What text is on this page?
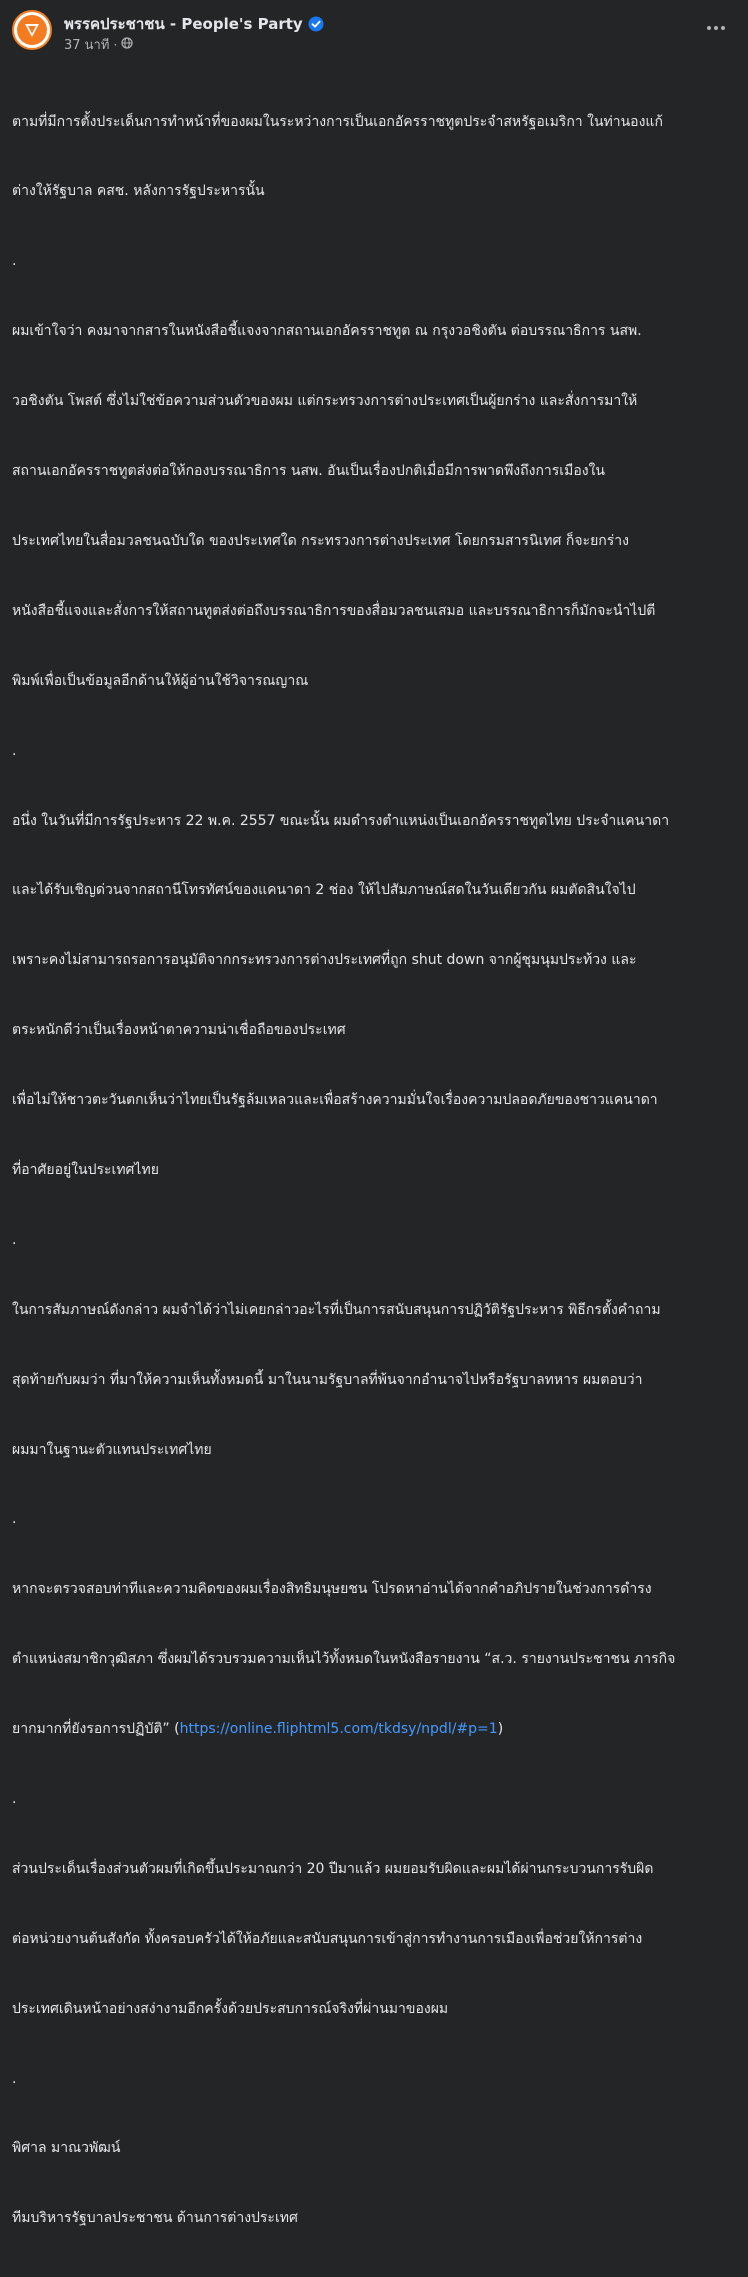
พรรคประชาชน - People's Party
37 นาที ·

ตามที่มีการตั้งประเด็นการทำหน้าที่ของผมในระหว่างการเป็นเอกอัครราชทูตประจำสหรัฐอเมริกา ในท่านองแก้

ต่างให้รัฐบาล คสช. หลังการรัฐประหารนั้น

.

ผมเข้าใจว่า คงมาจากสารในหนังสือชี้แจงจากสถานเอกอัครราชทูต ณ กรุงวอชิงตัน ต่อบรรณาธิการ นสพ.

วอชิงตัน โพสต์ ซึ่งไม่ใช่ข้อความส่วนตัวของผม แต่กระทรวงการต่างประเทศเป็นผู้ยกร่าง และสั่งการมาให้

สถานเอกอัครราชทูตส่งต่อให้กองบรรณาธิการ นสพ. อันเป็นเรื่องปกติเมื่อมีการพาดพึงถึงการเมืองใน

ประเทศไทยในสื่อมวลชนฉบับใด ของประเทศใด กระทรวงการต่างประเทศ โดยกรมสารนิเทศ ก็จะยกร่าง

หนังสือชี้แจงและสั่งการให้สถานทูตส่งต่อถึงบรรณาธิการของสื่อมวลชนเสมอ และบรรณาธิการก็มักจะนำไปตี

พิมพ์เพื่อเป็นข้อมูลอีกด้านให้ผู้อ่านใช้วิจารณญาณ

.

อนึ่ง ในวันที่มีการรัฐประหาร 22 พ.ค. 2557 ขณะนั้น ผมดำรงตำแหน่งเป็นเอกอัครราชทูตไทย ประจำแคนาดา

และได้รับเชิญด่วนจากสถานีโทรทัศน์ของแคนาดา 2 ช่อง ให้ไปสัมภาษณ์สดในวันเดียวกัน ผมตัดสินใจไป

เพราะคงไม่สามารถรอการอนุมัติจากกระทรวงการต่างประเทศที่ถูก shut down จากผู้ชุมนุมประท้วง และ

ตระหนักดีว่าเป็นเรื่องหน้าตาความน่าเชื่อถือของประเทศ

เพื่อไม่ให้ชาวตะวันตกเห็นว่าไทยเป็นรัฐล้มเหลวและเพื่อสร้างความมั่นใจเรื่องความปลอดภัยของชาวแคนาดา

ที่อาศัยอยู่ในประเทศไทย

.

ในการสัมภาษณ์ดังกล่าว ผมจำได้ว่าไม่เคยกล่าวอะไรที่เป็นการสนับสนุนการปฏิวัติรัฐประหาร พิธีกรตั้งคำถาม

สุดท้ายกับผมว่า ที่มาให้ความเห็นทั้งหมดนี้ มาในนามรัฐบาลที่พ้นจากอำนาจไปหรือรัฐบาลทหาร ผมตอบว่า

ผมมาในฐานะตัวแทนประเทศไทย

.

หากจะตรวจสอบท่าทีและความคิดของผมเรื่องสิทธิมนุษยชน โปรดหาอ่านได้จากคำอภิปรายในช่วงการดำรง

ตำแหน่งสมาชิกวุฒิสภา ซึ่งผมได้รวบรวมความเห็นไว้ทั้งหมดในหนังสือรายงาน “ส.ว. รายงานประชาชน ภารกิจ

ยากมากที่ยังรอการปฏิบัติ” (https://online.fliphtml5.com/tkdsy/npdl/#p=1)

.

ส่วนประเด็นเรื่องส่วนตัวผมที่เกิดขึ้นประมาณกว่า 20 ปีมาแล้ว ผมยอมรับผิดและผมได้ผ่านกระบวนการรับผิด

ต่อหน่วยงานต้นสังกัด ทั้งครอบครัวได้ให้อภัยและสนับสนุนการเข้าสู่การทำงานการเมืองเพื่อช่วยให้การต่าง

ประเทศเดินหน้าอย่างสง่างามอีกครั้งด้วยประสบการณ์จริงที่ผ่านมาของผม

.

พิศาล มาณวพัฒน์

ทีมบริหารรัฐบาลประชาชน ด้านการต่างประเทศ
